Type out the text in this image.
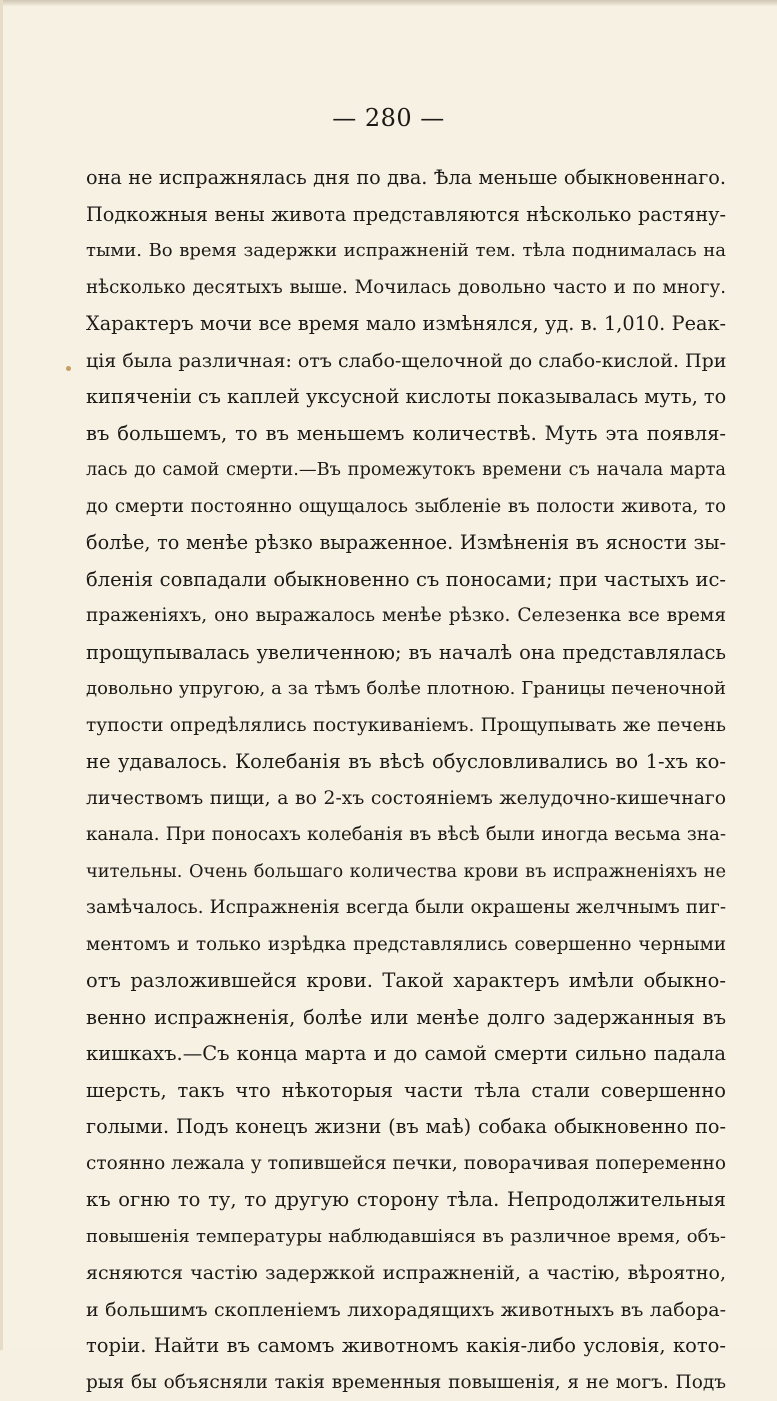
— 280 —
она не испражнялась дня по два. Ѣла меньше обыкновеннаго.
Подкожныя вены живота представляются нѣсколько растяну-
тыми. Во время задержки испражненій тем. тѣла поднималась на
нѣсколько десятыхъ выше. Мочилась довольно часто и по многу.
Характеръ мочи все время мало измѣнялся, уд. в. 1,010. Реак-
ція была различная: отъ слабо-щелочной до слабо-кислой. При
кипяченіи съ каплей уксусной кислоты показывалась муть, то
въ большемъ, то въ меньшемъ количествѣ. Муть эта появля-
лась до самой смерти.—Въ промежутокъ времени съ начала марта
до смерти постоянно ощущалось зыбленіе въ полости живота, то
болѣе, то менѣе рѣзко выраженное. Измѣненія въ ясности зы-
бленія совпадали обыкновенно съ поносами; при частыхъ ис-
праженіяхъ, оно выражалось менѣе рѣзко. Селезенка все время
прощупывалась увеличенною; въ началѣ она представлялась
довольно упругою, а за тѣмъ болѣе плотною. Границы печеночной
тупости опредѣлялись постукиваніемъ. Прощупывать же печень
не удавалось. Колебанія въ вѣсѣ обусловливались во 1-хъ ко-
личествомъ пищи, а во 2-хъ состояніемъ желудочно-кишечнаго
канала. При поносахъ колебанія въ вѣсѣ были иногда весьма зна-
чительны. Очень большаго количества крови въ испражненіяхъ не
замѣчалось. Испражненія всегда были окрашены желчнымъ пиг-
ментомъ и только изрѣдка представлялись совершенно черными
отъ разложившейся крови. Такой характеръ имѣли обыкно-
венно испражненія, болѣе или менѣе долго задержанныя въ
кишкахъ.—Съ конца марта и до самой смерти сильно падала
шерсть, такъ что нѣкоторыя части тѣла стали совершенно
голыми. Подъ конецъ жизни (въ маѣ) собака обыкновенно по-
стоянно лежала у топившейся печки, поворачивая попеременно
къ огню то ту, то другую сторону тѣла. Непродолжительныя
повышенія температуры наблюдавшіяся въ различное время, объ-
ясняются частію задержкой испражненій, а частію, вѣроятно,
и большимъ скопленіемъ лихорадящихъ животныхъ въ лабора-
торіи. Найти въ самомъ животномъ какія-либо условія, кото-
рыя бы объясняли такія временныя повышенія, я не могъ. Подъ
